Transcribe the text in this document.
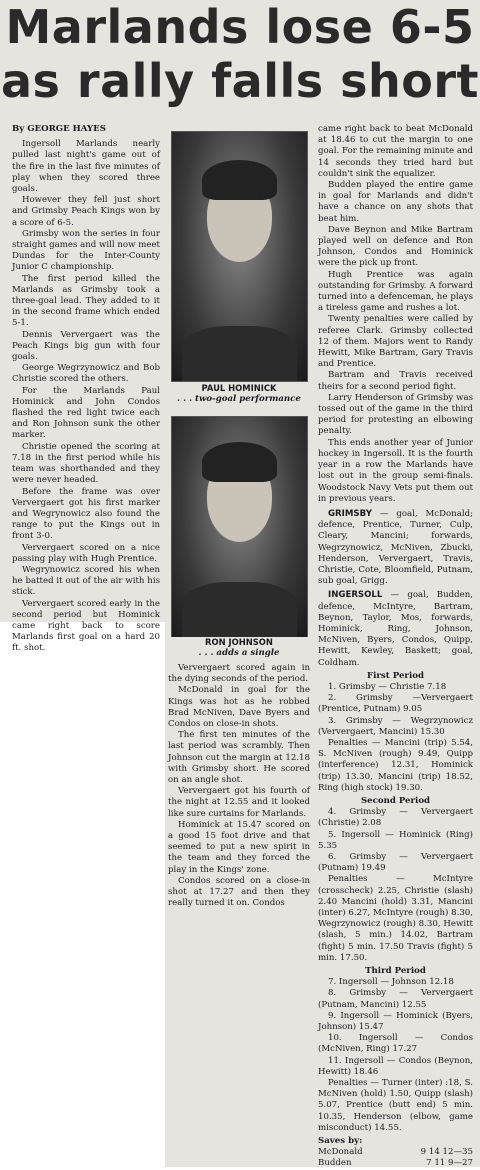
Marlands lose 6-5
as rally falls short

By GEORGE HAYES

Ingersoll Marlands nearly pulled last night's game out of the fire in the last five minutes of play when they scored three goals.

However they fell just short and Grimsby Peach Kings won by a score of 6-5.

Grimsby won the series in four straight games and will now meet Dundas for the Inter-County Junior C championship.

The first period killed the Marlands as Grimsby took a three-goal lead. They added to it in the second frame which ended 5-1.

Dennis Ververgaert was the Peach Kings big gun with four goals.

George Wegrzynowicz and Bob Christie scored the others.

For the Marlands Paul Hominick and John Condos flashed the red light twice each and Ron Johnson sunk the other marker.

Christie opened the scoring at 7.18 in the first period while his team was shorthanded and they were never headed.

Before the frame was over Ververgaert got his first marker and Wegrynowicz also found the range to put the Kings out in front 3-0.

Ververgaert scored on a nice passing play with Hugh Prentice.

Wegrynowicz scored his when he batted it out of the air with his stick.

Ververgaert scored early in the second period but Hominick came right back to score Marlands first goal on a hard 20 ft. shot.

PAUL HOMINICK
. . . two-goal performance
RON JOHNSON
. . . adds a single

Ververgaert scored again in the dying seconds of the period.

McDonald in goal for the Kings was hot as he robbed Brad McNiven, Dave Byers and Condos on close-in shots.

The first ten minutes of the last period was scrambly. Then Johnson cut the margin at 12.18 with Grimsby short. He scored on an angle shot.

Ververgaert got his fourth of the night at 12.55 and it looked like sure curtains for Marlands.

Hominick at 15.47 scored on a good 15 foot drive and that seemed to put a new spirit in the team and they forced the play in the Kings' zone.

Condos scored on a close-in shot at 17.27 and then they really turned it on. Condos

came right back to beat McDonald at 18.46 to cut the margin to one goal. For the remaining minute and 14 seconds they tried hard but couldn't sink the equalizer.

Budden played the entire game in goal for Marlands and didn't have a chance on any shots that beat him.

Dave Beynon and Mike Bartram played well on defence and Ron Johnson, Condos and Hominick were the pick up front.

Hugh Prentice was again outstanding for Grimsby. A forward turned into a defenceman, he plays a tireless game and rushes a lot.

Twenty penalties were called by referee Clark. Grimsby collected 12 of them. Majors went to Randy Hewitt, Mike Bartram, Gary Travis and Prentice.

Bartram and Travis received theirs for a second period fight.

Larry Henderson of Grimsby was tossed out of the game in the third period for protesting an elbowing penalty.

This ends another year of Junior hockey in Ingersoll. It is the fourth year in a row the Marlands have lost out in the group semi-finals. Woodstock Navy Vets put them out in previous years.

GRIMSBY — goal, McDonald; defence, Prentice, Turner, Culp, Cleary, Mancini; forwards, Wegrzynowicz, McNiven, Zbucki, Henderson, Ververgaert, Travis, Christie, Cote, Bloomfield, Putnam, sub goal, Grigg.

INGERSOLL — goal, Budden, defence, McIntyre, Bartram, Beynon, Taylor, Mos, forwards, Hominick, Ring, Johnson, McNiven, Byers, Condos, Quipp, Hewitt, Kewley, Baskett; goal, Coldham.

First Period

1. Grimsby — Christie 7.18

2. Grimsby —Ververgaert (Prentice, Putnam) 9.05

3. Grimsby — Wegrzynowicz (Ververgaert, Mancini) 15.30

Penalties — Mancini (trip) 5.54, S. McNiven (rough) 9.49, Quipp (interference) 12.31, Hominick (trip) 13.30, Mancini (trip) 18.52, Ring (high stock) 19.30.

Second Period

4. Grimsby — Ververgaert (Christie) 2.08

5. Ingersoll — Hominick (Ring) 5.35

6. Grimsby — Ververgaert (Putnam) 19.49

Penalties — McIntyre (crosscheck) 2.25, Christie (slash) 2.40 Mancini (hold) 3.31, Mancini (inter) 6.27, McIntyre (rough) 8.30, Wegrzynowicz (rough) 8.30, Hewitt (slash, 5 min.) 14.02, Bartram (fight) 5 min. 17.50 Travis (fight) 5 min. 17.50.

Third Period

7. Ingersoll — Johnson 12.18

8. Grimsby — Ververgaert (Putnam, Mancini) 12.55

9. Ingersoll — Hominick (Byers, Johnson) 15.47

10. Ingersoll — Condos (McNiven, Ring) 17.27

11. Ingersoll — Condos (Beynon, Hewitt) 18.46

Penalties — Turner (inter) :18, S. McNiven (hold) 1.50, Quipp (slash) 5.07, Prentice (butt end) 5 min. 10.35, Henderson (elbow, game misconduct) 14.55.

Saves by:
McDonald	9 14 12—35
Budden	7 11 9—27
